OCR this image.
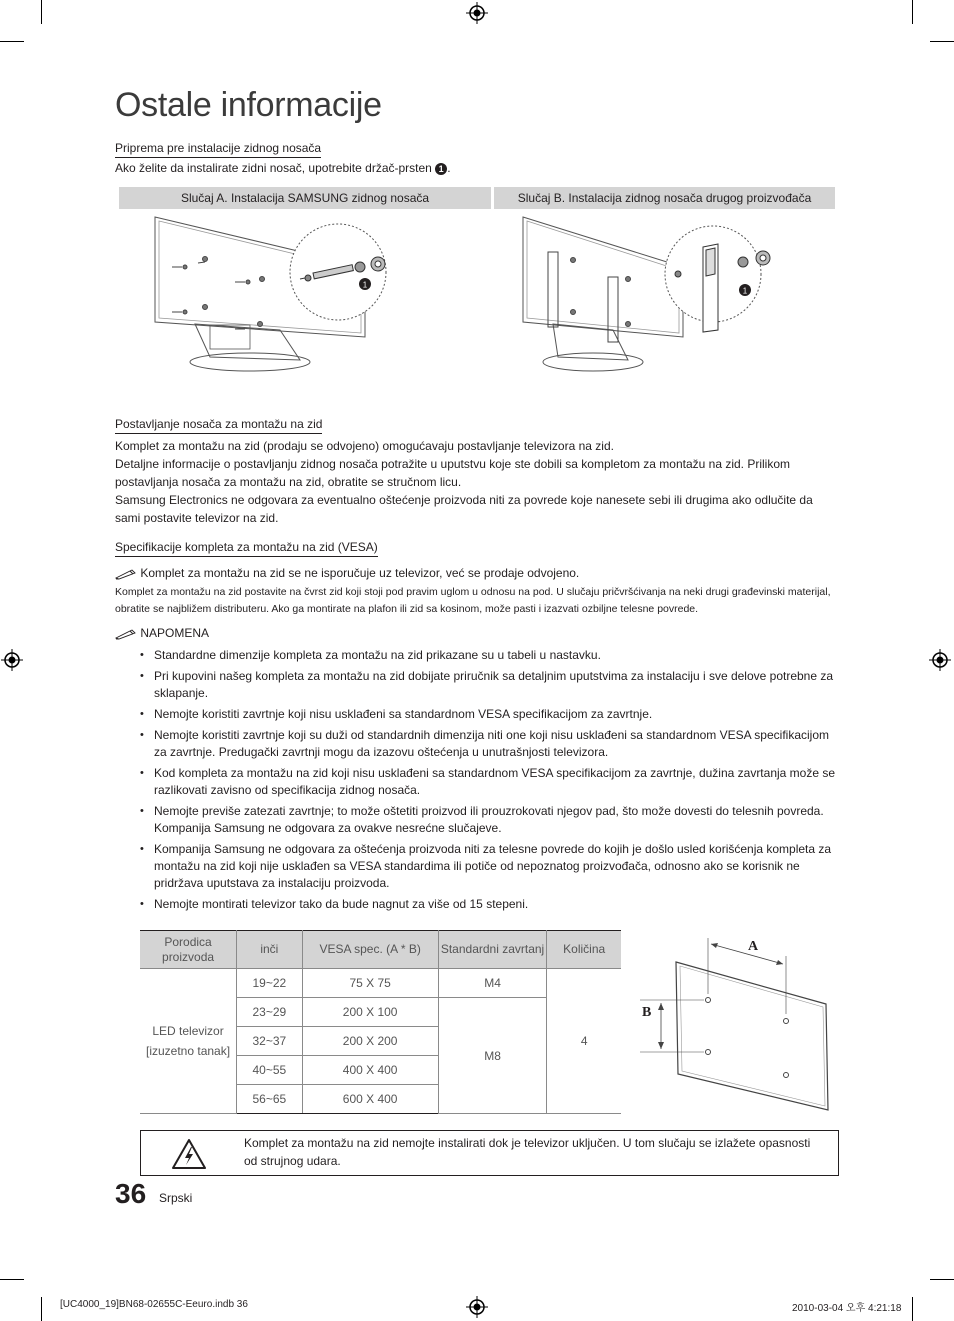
Ostale informacije
Priprema pre instalacije zidnog nosača
Ako želite da instalirate zidni nosač, upotrebite držač-prsten 1 .
Slučaj A. Instalacija SAMSUNG zidnog nosača	Slučaj B. Instalacija zidnog nosača drugog proizvođača
1
1
Postavljanje nosača za montažu na zid
Komplet za montažu na zid (prodaju se odvojeno) omogućavaju postavljanje televizora na zid.
Detaljne informacije o postavljanju zidnog nosača potražite u uputstvu koje ste dobili sa kompletom za montažu na zid. Prilikom postavljanja nosača za montažu na zid, obratite se stručnom licu.
Samsung Electronics ne odgovara za eventualno oštećenje proizvoda niti za povrede koje nanesete sebi ili drugima ako odlučite da sami postavite televizor na zid.
Specifikacije kompleta za montažu na zid (VESA)
Komplet za montažu na zid se ne isporučuje uz televizor, već se prodaje odvojeno.
Komplet za montažu na zid postavite na čvrst zid koji stoji pod pravim uglom u odnosu na pod. U slučaju pričvršćivanja na neki drugi građevinski materijal, obratite se najbližem distributeru. Ako ga montirate na plafon ili zid sa kosinom, može pasti i izazvati ozbiljne telesne povrede.
NAPOMENA
• Standardne dimenzije kompleta za montažu na zid prikazane su u tabeli u nastavku.
• Pri kupovini našeg kompleta za montažu na zid dobijate priručnik sa detaljnim uputstvima za instalaciju i sve delove potrebne za sklapanje.
• Nemojte koristiti zavrtnje koji nisu usklađeni sa standardnom VESA specifikacijom za zavrtnje.
• Nemojte koristiti zavrtnje koji su duži od standardnih dimenzija niti one koji nisu usklađeni sa standardnom VESA specifikacijom za zavrtnje. Predugački zavrtnji mogu da izazovu oštećenja u unutrašnjosti televizora.
• Kod kompleta za montažu na zid koji nisu usklađeni sa standardnom VESA specifikacijom za zavrtnje, dužina zavrtanja može se razlikovati zavisno od specifikacija zidnog nosača.
• Nemojte previše zatezati zavrtnje; to može oštetiti proizvod ili prouzrokovati njegov pad, što može dovesti do telesnih povreda. Kompanija Samsung ne odgovara za ovakve nesrećne slučajeve.
• Kompanija Samsung ne odgovara za oštećenja proizvoda niti za telesne povrede do kojih je došlo usled korišćenja kompleta za montažu na zid koji nije usklađen sa VESA standardima ili potiče od nepoznatog proizvođača, odnosno ako se korisnik ne pridržava uputstava za instalaciju proizvoda.
• Nemojte montirati televizor tako da bude nagnut za više od 15 stepeni.
Porodica proizvoda	inči	VESA spec. (A * B)	Standardni zavrtanj	Količina
LED televizor [izuzetno tanak]	19~22	75 X 75	M4	4
	23~29	200 X 100	M8	
	32~37	200 X 200		
	40~55	400 X 400		
	56~65	600 X 400		
A
B
Komplet za montažu na zid nemojte instalirati dok je televizor uključen. U tom slučaju se izlažete opasnosti od strujnog udara.
36 Srpski
[UC4000_19]BN68-02655C-Eeuro.indb 36	2010-03-04 오후 4:21:18
